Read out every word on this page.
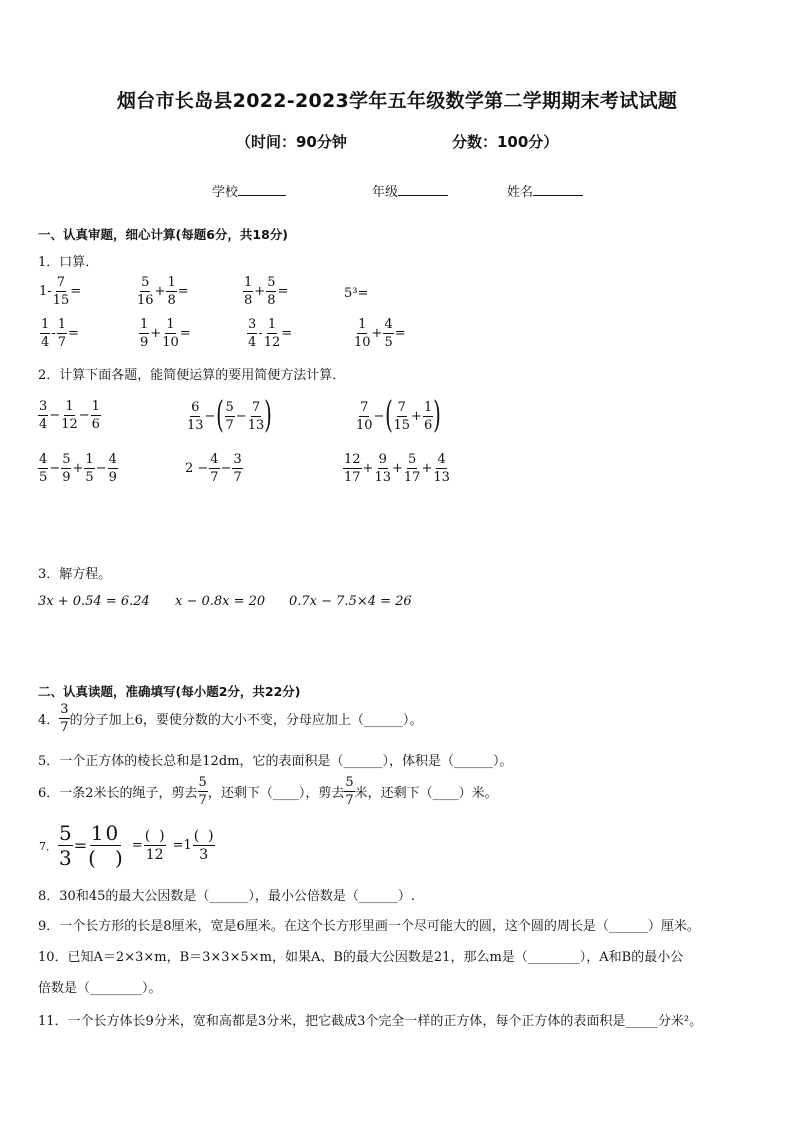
烟台市长岛县2022-2023学年五年级数学第二学期期末考试试题
（时间：90分钟	分数：100分）
学校	年级	姓名
一、认真审题，细心计算(每题6分，共18分)
1．口算．
$1- \frac{7}{15}$ =	$\frac{5}{16} + \frac{1}{8}$ =	$\frac{1}{8} + \frac{5}{8}$ =	5³=
$\frac{1}{4} - \frac{1}{7}$ =	$\frac{1}{9} + \frac{1}{10}$ =	$\frac{3}{4} - \frac{1}{12}$ =	$\frac{1}{10} + \frac{4}{5}$ =
2．计算下面各题，能简便运算的要用简便方法计算．
$\frac{3}{4} - \frac{1}{12} - \frac{1}{6}$	$\frac{6}{13}$ − ( $\frac{5}{7} - \frac{7}{13}$ )	$\frac{7}{10}$ − ( $\frac{7}{15} + \frac{1}{6}$ )
$\frac{4}{5} - \frac{5}{9} + \frac{1}{5} - \frac{4}{9}$	$2 - \frac{4}{7} - \frac{3}{7}$	$\frac{12}{17} + \frac{9}{13} + \frac{5}{17} + \frac{4}{13}$
3．解方程。
3x + 0.54 = 6.24 x − 0.8x = 20 0.7x − 7.5×4 = 26
二、认真读题，准确填写(每小题2分，共22分)
4． $\frac{3}{7}$ 的分子加上6，要使分数的大小不变，分母应加上（______）。
5．一个正方体的棱长总和是12dm，它的表面积是（______），体积是（______）。
6．一条2米长的绳子，剪去 $\frac{5}{7}$ ，还剩下（____），剪去 $\frac{5}{7}$ 米，还剩下（____）米。
7． $\frac{5}{3} = \frac{10}{( )} = \frac{( )}{12} =1 \frac{( )}{3}$
8．30和45的最大公因数是（______），最小公倍数是（______）.
9．一个长方形的长是8厘米，宽是6厘米。在这个长方形里画一个尽可能大的圆，这个圆的周长是（______）厘米。
10．已知A＝2×3×m，B＝3×3×5×m，如果A、B的最大公因数是21，那么m是（________），A和B的最小公
倍数是（________）。
11．一个长方体长9分米，宽和高都是3分米，把它截成3个完全一样的正方体，每个正方体的表面积是_____分米²。
